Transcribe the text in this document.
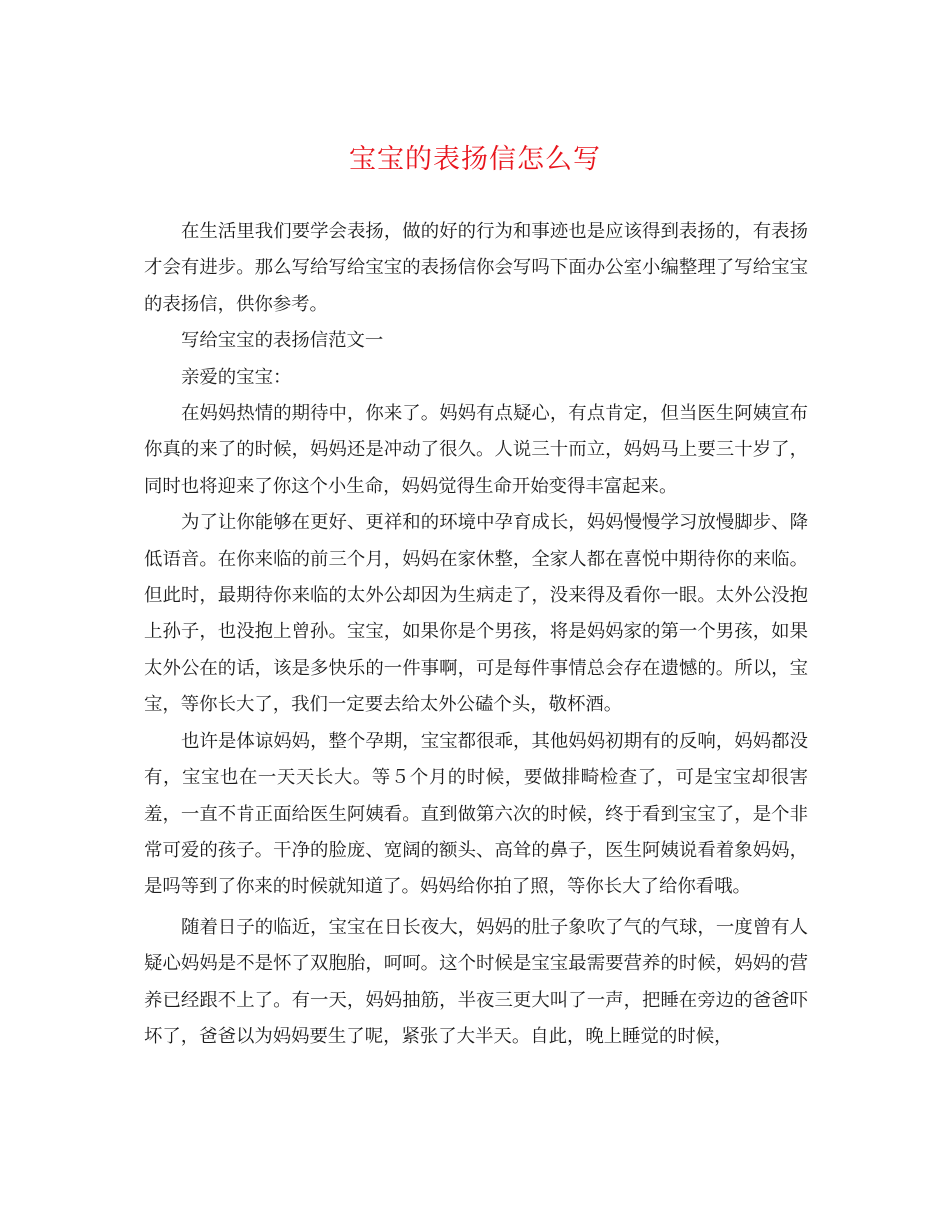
宝宝的表扬信怎么写

在生活里我们要学会表扬，做的好的行为和事迹也是应该得到表扬的，有表扬才会有进步。那么写给写给宝宝的表扬信你会写吗下面办公室小编整理了写给宝宝的表扬信，供你参考。

写给宝宝的表扬信范文一

亲爱的宝宝：

在妈妈热情的期待中，你来了。妈妈有点疑心，有点肯定，但当医生阿姨宣布你真的来了的时候，妈妈还是冲动了很久。人说三十而立，妈妈马上要三十岁了，同时也将迎来了你这个小生命，妈妈觉得生命开始变得丰富起来。

为了让你能够在更好、更祥和的环境中孕育成长，妈妈慢慢学习放慢脚步、降低语音。在你来临的前三个月，妈妈在家休整，全家人都在喜悦中期待你的来临。但此时，最期待你来临的太外公却因为生病走了，没来得及看你一眼。太外公没抱上孙子，也没抱上曾孙。宝宝，如果你是个男孩，将是妈妈家的第一个男孩，如果太外公在的话，该是多快乐的一件事啊，可是每件事情总会存在遗憾的。所以，宝宝，等你长大了，我们一定要去给太外公磕个头，敬杯酒。

也许是体谅妈妈，整个孕期，宝宝都很乖，其他妈妈初期有的反响，妈妈都没有，宝宝也在一天天长大。等５个月的时候，要做排畸检查了，可是宝宝却很害羞，一直不肯正面给医生阿姨看。直到做第六次的时候，终于看到宝宝了，是个非常可爱的孩子。干净的脸庞、宽阔的额头、高耸的鼻子，医生阿姨说看着象妈妈，是吗等到了你来的时候就知道了。妈妈给你拍了照，等你长大了给你看哦。

随着日子的临近，宝宝在日长夜大，妈妈的肚子象吹了气的气球，一度曾有人疑心妈妈是不是怀了双胞胎，呵呵。这个时候是宝宝最需要营养的时候，妈妈的营养已经跟不上了。有一天，妈妈抽筋，半夜三更大叫了一声，把睡在旁边的爸爸吓坏了，爸爸以为妈妈要生了呢，紧张了大半天。自此，晚上睡觉的时候，
